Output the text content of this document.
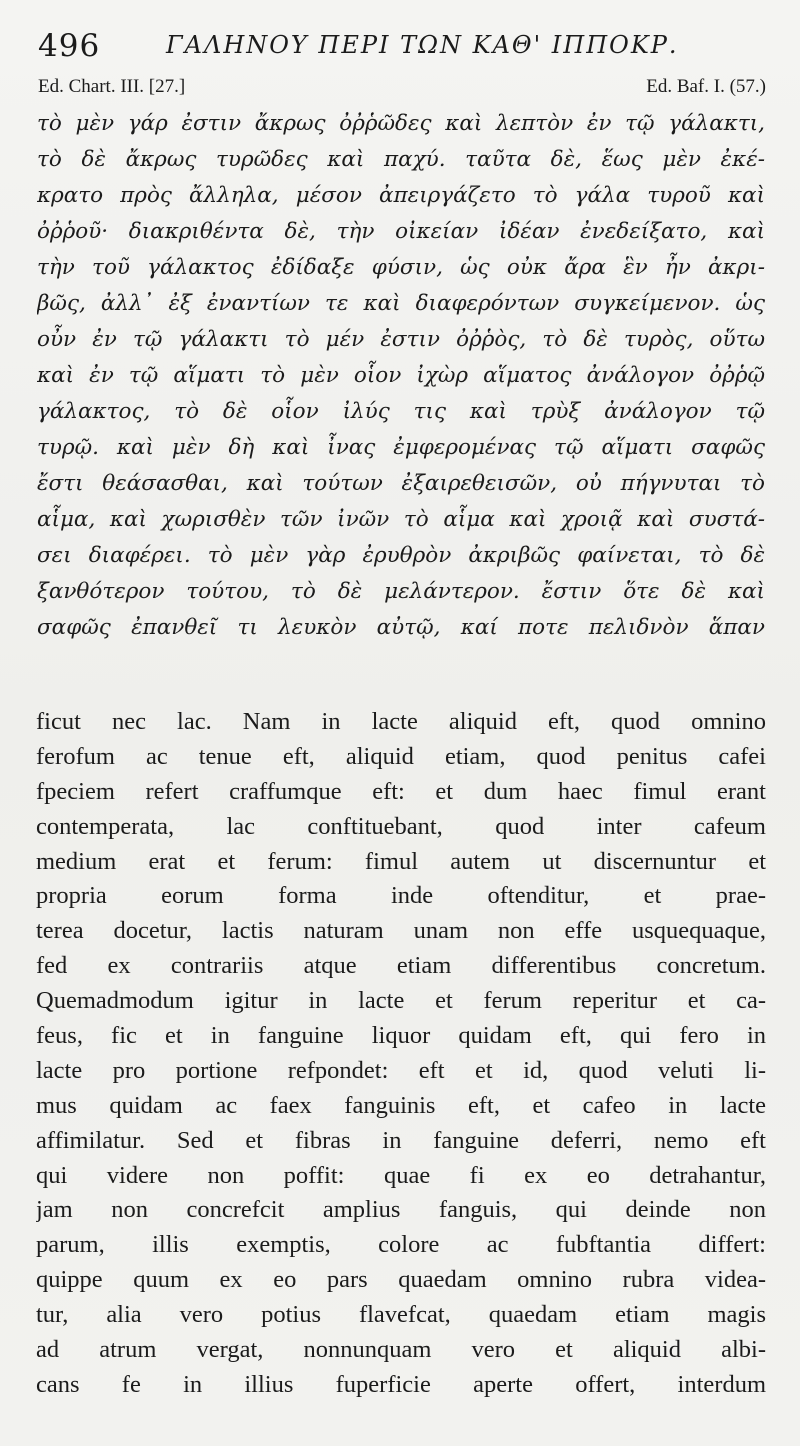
496	ΓΑΛΗΝΟΥ ΠΕΡΙ ΤΩΝ ΚΑΘ' ΙΠΠΟΚΡ.
Ed. Chart. III. [27.]	Ed. Baf. I. (57.)
τὸ μὲν γάρ ἐστιν ἄκρως ὀῤῥῶδες καὶ λεπτὸν ἐν τῷ γάλακτι,
τὸ δὲ ἄκρως τυρῶδες καὶ παχύ. ταῦτα δὲ, ἕως μὲν ἐκέ-
κρατο πρὸς ἄλληλα, μέσον ἀπειργάζετο τὸ γάλα τυροῦ καὶ
ὀῤῥοῦ· διακριθέντα δὲ, τὴν οἰκείαν ἰδέαν ἐνεδείξατο, καὶ
τὴν τοῦ γάλακτος ἐδίδαξε φύσιν, ὡς οὐκ ἄρα ἓν ἦν ἀκρι-
βῶς, ἀλλ᾽ ἐξ ἐναντίων τε καὶ διαφερόντων συγκείμενον. ὡς
οὖν ἐν τῷ γάλακτι τὸ μέν ἐστιν ὀῤῥὸς, τὸ δὲ τυρὸς, οὕτω
καὶ ἐν τῷ αἵματι τὸ μὲν οἷον ἰχὼρ αἵματος ἀνάλογον ὀῤῥῷ
γάλακτος, τὸ δὲ οἷον ἰλύς τις καὶ τρὺξ ἀνάλογον τῷ
τυρῷ. καὶ μὲν δὴ καὶ ἶνας ἐμφερομένας τῷ αἵματι σαφῶς
ἔστι θεάσασθαι, καὶ τούτων ἐξαιρεθεισῶν, οὐ πήγνυται τὸ
αἷμα, καὶ χωρισθὲν τῶν ἰνῶν τὸ αἷμα καὶ χροιᾷ καὶ συστά-
σει διαφέρει. τὸ μὲν γὰρ ἐρυθρὸν ἀκριβῶς φαίνεται, τὸ δὲ
ξανθότερον τούτου, τὸ δὲ μελάντερον. ἔστιν ὅτε δὲ καὶ
σαφῶς ἐπανθεῖ τι λευκὸν αὐτῷ, καί ποτε πελιδνὸν ἅπαν
ficut nec lac. Nam in lacte aliquid eft, quod omnino
ferofum ac tenue eft, aliquid etiam, quod penitus cafei
fpeciem refert craffumque eft: et dum haec fimul erant
contemperata, lac conftituebant, quod inter cafeum
medium erat et ferum: fimul autem ut discernuntur et
propria eorum forma inde oftenditur, et prae-
terea docetur, lactis naturam unam non effe usquequaque,
fed ex contrariis atque etiam differentibus concretum.
Quemadmodum igitur in lacte et ferum reperitur et ca-
feus, fic et in fanguine liquor quidam eft, qui fero in
lacte pro portione refpondet: eft et id, quod veluti li-
mus quidam ac faex fanguinis eft, et cafeo in lacte
affimilatur. Sed et fibras in fanguine deferri, nemo eft
qui videre non poffit: quae fi ex eo detrahantur,
jam non concrefcit amplius fanguis, qui deinde non
parum, illis exemptis, colore ac fubftantia differt:
quippe quum ex eo pars quaedam omnino rubra videa-
tur, alia vero potius flavefcat, quaedam etiam magis
ad atrum vergat, nonnunquam vero et aliquid albi-
cans fe in illius fuperficie aperte offert, interdum
